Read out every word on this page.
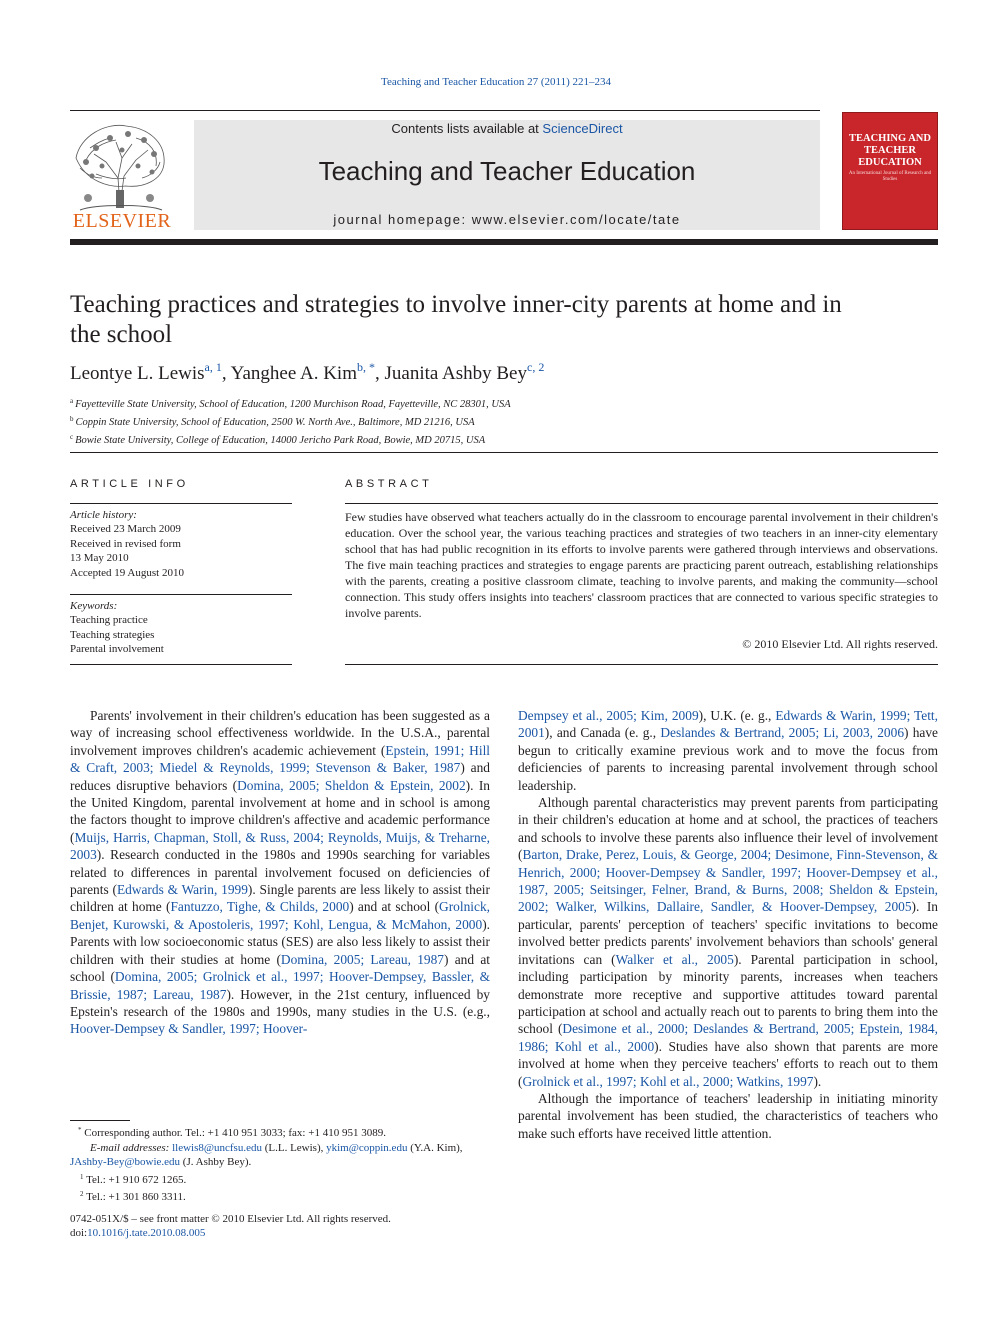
Teaching and Teacher Education 27 (2011) 221–234
ELSEVIER
Contents lists available at ScienceDirect
Teaching and Teacher Education
journal homepage: www.elsevier.com/locate/tate
TEACHING AND TEACHER EDUCATION
An International Journal of Research and Studies
Teaching practices and strategies to involve inner-city parents at home and in the school
Leontye L. Lewis$^{a, 1}$, Yanghee A. Kim$^{b, *}$, Juanita Ashby Bey$^{c, 2}$
$^a$ Fayetteville State University, School of Education, 1200 Murchison Road, Fayetteville, NC 28301, USA
$^b$ Coppin State University, School of Education, 2500 W. North Ave., Baltimore, MD 21216, USA
$^c$ Bowie State University, College of Education, 14000 Jericho Park Road, Bowie, MD 20715, USA
ARTICLE INFO
Article history:
Received 23 March 2009
Received in revised form
13 May 2010
Accepted 19 August 2010
Keywords:
Teaching practice
Teaching strategies
Parental involvement
ABSTRACT
Few studies have observed what teachers actually do in the classroom to encourage parental involvement in their children's education. Over the school year, the various teaching practices and strategies of two teachers in an inner-city elementary school that has had public recognition in its efforts to involve parents were gathered through interviews and observations. The five main teaching practices and strategies to engage parents are practicing parent outreach, establishing relationships with the parents, creating a positive classroom climate, teaching to involve parents, and making the community—school connection. This study offers insights into teachers' classroom practices that are connected to various specific strategies to involve parents.
© 2010 Elsevier Ltd. All rights reserved.

Parents' involvement in their children's education has been suggested as a way of increasing school effectiveness worldwide. In the U.S.A., parental involvement improves children's academic achievement (Epstein, 1991; Hill & Craft, 2003; Miedel & Reynolds, 1999; Stevenson & Baker, 1987) and reduces disruptive behaviors (Domina, 2005; Sheldon & Epstein, 2002). In the United Kingdom, parental involvement at home and in school is among the factors thought to improve children's affective and academic performance (Muijs, Harris, Chapman, Stoll, & Russ, 2004; Reynolds, Muijs, & Treharne, 2003). Research conducted in the 1980s and 1990s searching for variables related to differences in parental involvement focused on deficiencies of parents (Edwards & Warin, 1999). Single parents are less likely to assist their children at home (Fantuzzo, Tighe, & Childs, 2000) and at school (Grolnick, Benjet, Kurowski, & Apostoleris, 1997; Kohl, Lengua, & McMahon, 2000). Parents with low socioeconomic status (SES) are also less likely to assist their children with their studies at home (Domina, 2005; Lareau, 1987) and at school (Domina, 2005; Grolnick et al., 1997; Hoover-Dempsey, Bassler, & Brissie, 1987; Lareau, 1987). However, in the 21st century, influenced by Epstein's research of the 1980s and 1990s, many studies in the U.S. (e.g., Hoover-Dempsey & Sandler, 1997; Hoover-

Dempsey et al., 2005; Kim, 2009), U.K. (e. g., Edwards & Warin, 1999; Tett, 2001), and Canada (e. g., Deslandes & Bertrand, 2005; Li, 2003, 2006) have begun to critically examine previous work and to move the focus from deficiencies of parents to increasing parental involvement through school leadership.

Although parental characteristics may prevent parents from participating in their children's education at home and at school, the practices of teachers and schools to involve these parents also influence their level of involvement (Barton, Drake, Perez, Louis, & George, 2004; Desimone, Finn-Stevenson, & Henrich, 2000; Hoover-Dempsey & Sandler, 1997; Hoover-Dempsey et al., 1987, 2005; Seitsinger, Felner, Brand, & Burns, 2008; Sheldon & Epstein, 2002; Walker, Wilkins, Dallaire, Sandler, & Hoover-Dempsey, 2005). In particular, parents' perception of teachers' specific invitations to become involved better predicts parents' involvement behaviors than schools' general invitations can (Walker et al., 2005). Parental participation in school, including participation by minority parents, increases when teachers demonstrate more receptive and supportive attitudes toward parental participation at school and actually reach out to parents to bring them into the school (Desimone et al., 2000; Deslandes & Bertrand, 2005; Epstein, 1984, 1986; Kohl et al., 2000). Studies have also shown that parents are more involved at home when they perceive teachers' efforts to reach out to them (Grolnick et al., 1997; Kohl et al., 2000; Watkins, 1997).

Although the importance of teachers' leadership in initiating minority parental involvement has been studied, the characteristics of teachers who make such efforts have received little attention.

* Corresponding author. Tel.: +1 410 951 3033; fax: +1 410 951 3089.
E-mail addresses: llewis8@uncfsu.edu (L.L. Lewis), ykim@coppin.edu (Y.A. Kim),
JAshby-Bey@bowie.edu (J. Ashby Bey).
$^1$ Tel.: +1 910 672 1265.
$^2$ Tel.: +1 301 860 3311.
0742-051X/$ – see front matter © 2010 Elsevier Ltd. All rights reserved.
doi:10.1016/j.tate.2010.08.005
